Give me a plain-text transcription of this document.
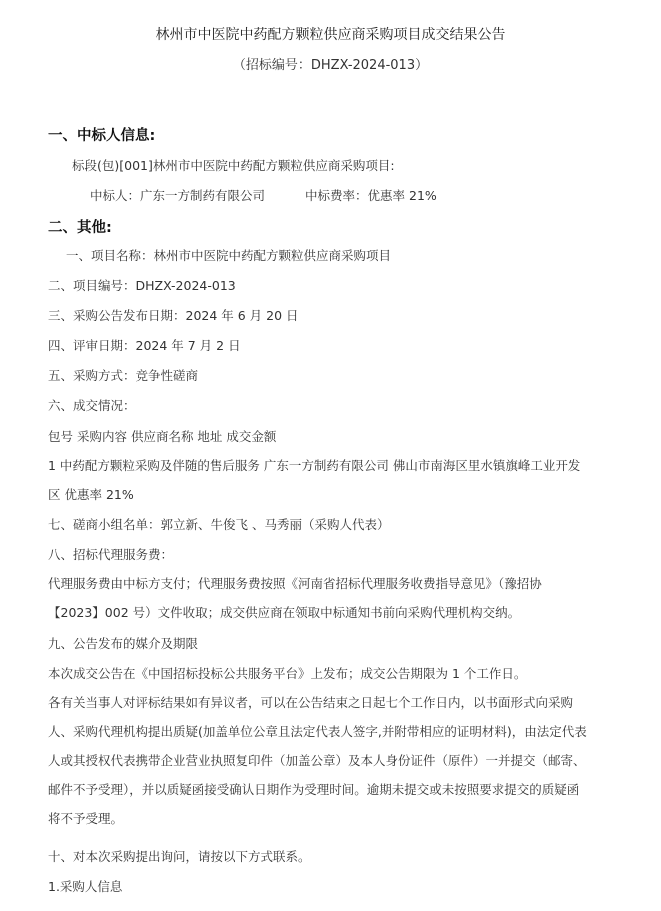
林州市中医院中药配方颗粒供应商采购项目成交结果公告
（招标编号：DHZX-2024-013）
一、中标人信息:
标段(包)[001]林州市中医院中药配方颗粒供应商采购项目:
中标人：广东一方制药有限公司	中标费率：优惠率 21%
二、其他:
一、项目名称：林州市中医院中药配方颗粒供应商采购项目
二、项目编号：DHZX-2024-013
三、采购公告发布日期：2024 年 6 月 20 日
四、评审日期：2024 年 7 月 2 日
五、采购方式：竞争性磋商
六、成交情况：
包号 采购内容 供应商名称 地址 成交金额
1 中药配方颗粒采购及伴随的售后服务 广东一方制药有限公司 佛山市南海区里水镇旗峰工业开发区 优惠率 21%
七、磋商小组名单：郭立新、牛俊飞 、马秀丽（采购人代表）
八、招标代理服务费：
代理服务费由中标方支付；代理服务费按照《河南省招标代理服务收费指导意见》（豫招协【2023】002 号）文件收取；成交供应商在领取中标通知书前向采购代理机构交纳。
九、公告发布的媒介及期限
本次成交公告在《中国招标投标公共服务平台》上发布；成交公告期限为 1 个工作日。
各有关当事人对评标结果如有异议者，可以在公告结束之日起七个工作日内，以书面形式向采购人、采购代理机构提出质疑(加盖单位公章且法定代表人签字,并附带相应的证明材料)，由法定代表人或其授权代表携带企业营业执照复印件（加盖公章）及本人身份证件（原件）一并提交（邮寄、邮件不予受理），并以质疑函接受确认日期作为受理时间。逾期未提交或未按照要求提交的质疑函将不予受理。
十、对本次采购提出询问，请按以下方式联系。
1.采购人信息
